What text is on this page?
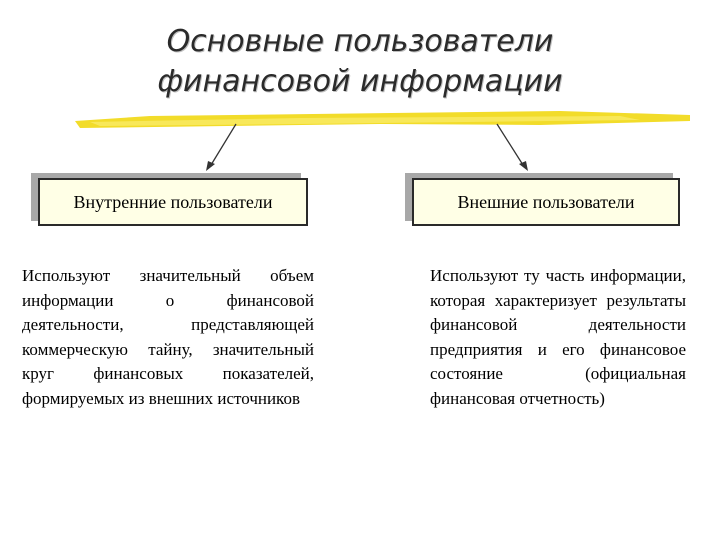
Основные пользователи
финансовой информации
Внутренние пользователи	Внешние пользователи

Используют значительный объем информации о финансовой деятельности, представляющей коммерческую тайну, значительный круг финансовых показателей, формируемых из внешних источников

Используют ту часть информации, которая характеризует результаты финансовой деятельности предприятия и его финансовое состояние (официальная финансовая отчетность)
